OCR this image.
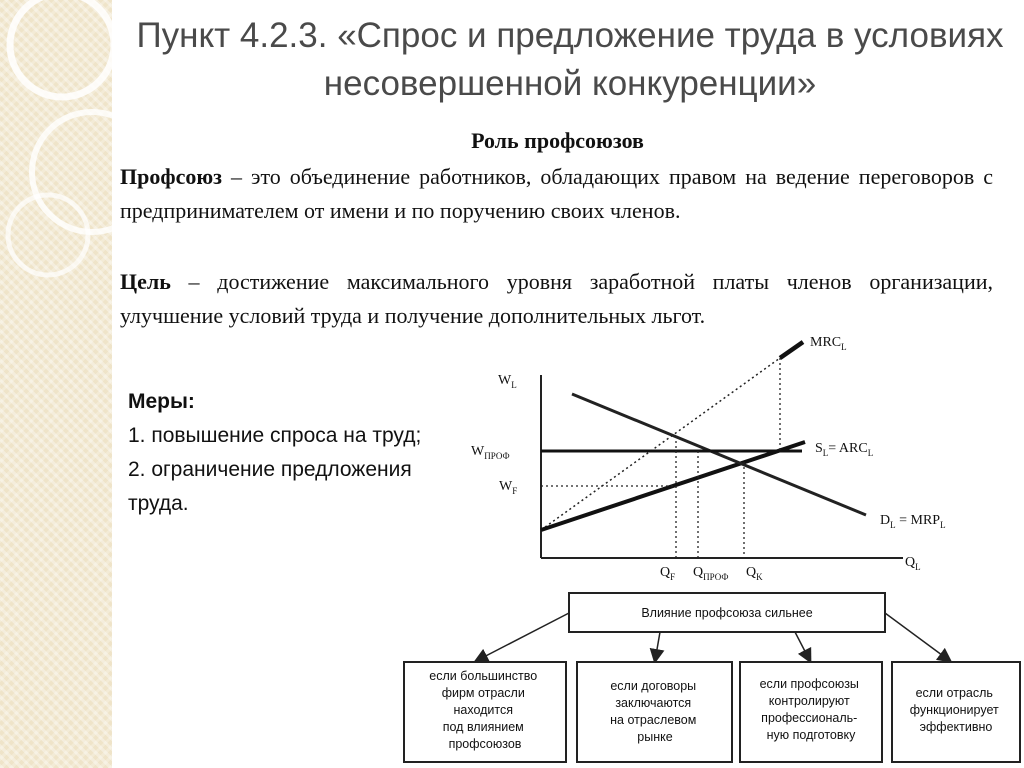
Пункт 4.2.3. «Спрос и предложение труда в условиях несовершенной конкуренции»
Роль профсоюзов
Профсоюз – это объединение работников, обладающих правом на ведение переговоров с предпринимателем от имени и по поручению своих членов.
Цель – достижение максимального уровня заработной платы членов организации, улучшение условий труда и получение дополнительных льгот.
Меры:
1. повышение спроса на труд;
2. ограничение предложения труда.
$W_L$
$Q_L$
$MRC_L$
$S_L= ARC_L$
$D_L = MRP_L$
$W_{ПРОФ}$
$W_F$
$Q_F$ $Q_{ПРОФ}$ $Q_K$
Влияние профсоюза сильнее
если большинство фирм отрасли находится под влиянием профсоюзов
если договоры заключаются на отраслевом рынке
если профсоюзы контролируют профессиональ- ную подготовку
если отрасль функционирует эффективно
